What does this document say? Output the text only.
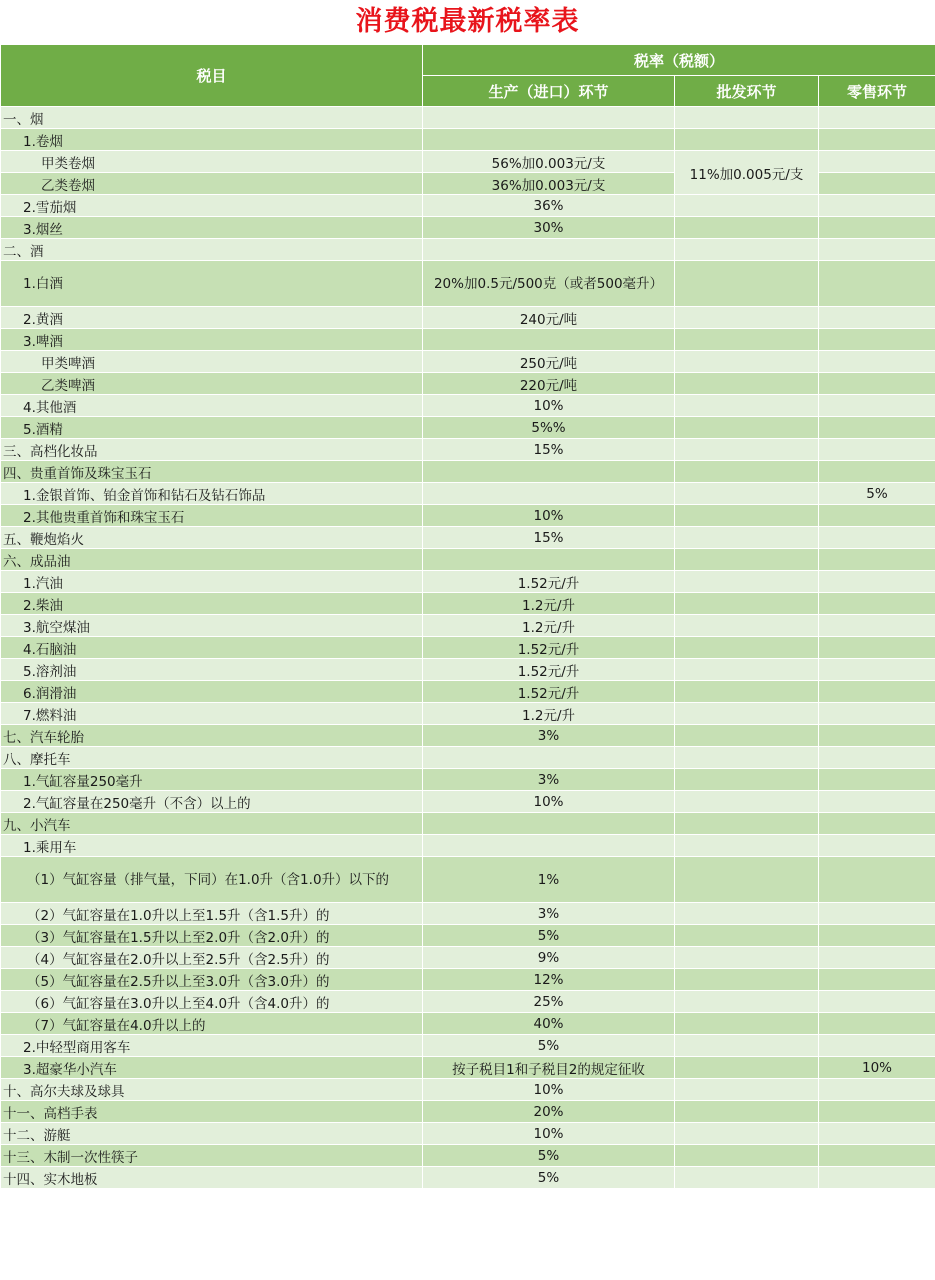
消费税最新税率表
税目	税率（税额）		
	生产（进口）环节	批发环节	零售环节
一、烟			
1.卷烟			
甲类卷烟	56%加0.003元/支	11%加0.005元/支	
乙类卷烟	36%加0.003元/支		
2.雪茄烟	36%		
3.烟丝	30%		
二、酒			
1.白酒	20%加0.5元/500克（或者500毫升）		
2.黄酒	240元/吨		
3.啤酒			
甲类啤酒	250元/吨		
乙类啤酒	220元/吨		
4.其他酒	10%		
5.酒精	5%%		
三、高档化妆品	15%		
四、贵重首饰及珠宝玉石			
1.金银首饰、铂金首饰和钻石及钻石饰品			5%
2.其他贵重首饰和珠宝玉石	10%		
五、鞭炮焰火	15%		
六、成品油			
1.汽油	1.52元/升		
2.柴油	1.2元/升		
3.航空煤油	1.2元/升		
4.石脑油	1.52元/升		
5.溶剂油	1.52元/升		
6.润滑油	1.52元/升		
7.燃料油	1.2元/升		
七、汽车轮胎	3%		
八、摩托车			
1.气缸容量250毫升	3%		
2.气缸容量在250毫升（不含）以上的	10%		
九、小汽车			
1.乘用车			
（1）气缸容量（排气量，下同）在1.0升（含1.0升）以下的	1%		
（2）气缸容量在1.0升以上至1.5升（含1.5升）的	3%		
（3）气缸容量在1.5升以上至2.0升（含2.0升）的	5%		
（4）气缸容量在2.0升以上至2.5升（含2.5升）的	9%		
（5）气缸容量在2.5升以上至3.0升（含3.0升）的	12%		
（6）气缸容量在3.0升以上至4.0升（含4.0升）的	25%		
（7）气缸容量在4.0升以上的	40%		
2.中轻型商用客车	5%		
3.超豪华小汽车	按子税目1和子税目2的规定征收		10%
十、高尔夫球及球具	10%		
十一、高档手表	20%		
十二、游艇	10%		
十三、木制一次性筷子	5%		
十四、实木地板	5%		
